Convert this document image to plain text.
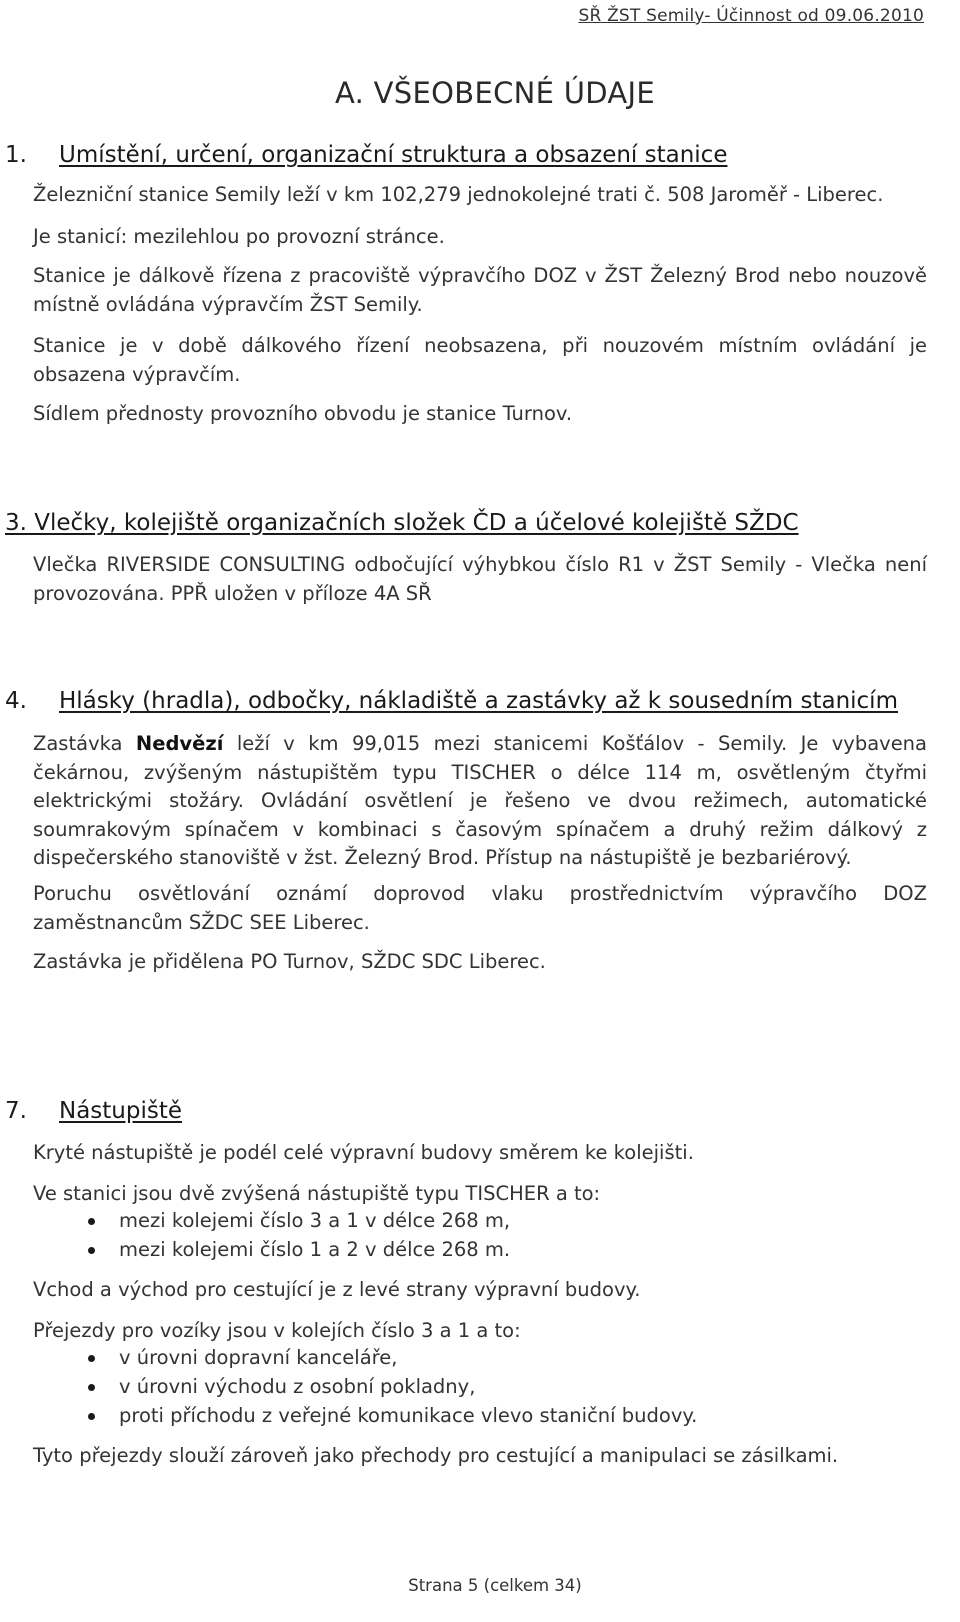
SŘ ŽST Semily- Účinnost od 09.06.2010
A. VŠEOBECNÉ ÚDAJE
1. Umístění, určení, organizační struktura a obsazení stanice
Železniční stanice Semily leží v km 102,279 jednokolejné trati č. 508 Jaroměř - Liberec.
Je stanicí: mezilehlou po provozní stránce.
Stanice je dálkově řízena z pracoviště výpravčího DOZ v ŽST Železný Brod nebo nouzově místně ovládána výpravčím ŽST Semily.
Stanice je v době dálkového řízení neobsazena, při nouzovém místním ovládání je obsazena výpravčím.
Sídlem přednosty provozního obvodu je stanice Turnov.
3. Vlečky, kolejiště organizačních složek ČD a účelové kolejiště SŽDC
Vlečka RIVERSIDE CONSULTING odbočující výhybkou číslo R1 v ŽST Semily - Vlečka není provozována. PPŘ uložen v příloze 4A SŘ
4. Hlásky (hradla), odbočky, nákladiště a zastávky až k sousedním stanicím
Zastávka Nedvězí leží v km 99,015 mezi stanicemi Košťálov - Semily. Je vybavena čekárnou, zvýšeným nástupištěm typu TISCHER o délce 114 m, osvětleným čtyřmi elektrickými stožáry. Ovládání osvětlení je řešeno ve dvou režimech, automatické soumrakovým spínačem v kombinaci s časovým spínačem a druhý režim dálkový z dispečerského stanoviště v žst. Železný Brod. Přístup na nástupiště je bezbariérový.
Poruchu osvětlování oznámí doprovod vlaku prostřednictvím výpravčího DOZ zaměstnancům SŽDC SEE Liberec.
Zastávka je přidělena PO Turnov, SŽDC SDC Liberec.
7. Nástupiště
Kryté nástupiště je podél celé výpravní budovy směrem ke kolejišti.
Ve stanici jsou dvě zvýšená nástupiště typu TISCHER a to:
mezi kolejemi číslo 3 a 1 v délce 268 m,
mezi kolejemi číslo 1 a 2 v délce 268 m.
Vchod a východ pro cestující je z levé strany výpravní budovy.
Přejezdy pro vozíky jsou v kolejích číslo 3 a 1 a to:
v úrovni dopravní kanceláře,
v úrovni východu z osobní pokladny,
proti příchodu z veřejné komunikace vlevo staniční budovy.
Tyto přejezdy slouží zároveň jako přechody pro cestující a manipulaci se zásilkami.
Strana 5 (celkem 34)
